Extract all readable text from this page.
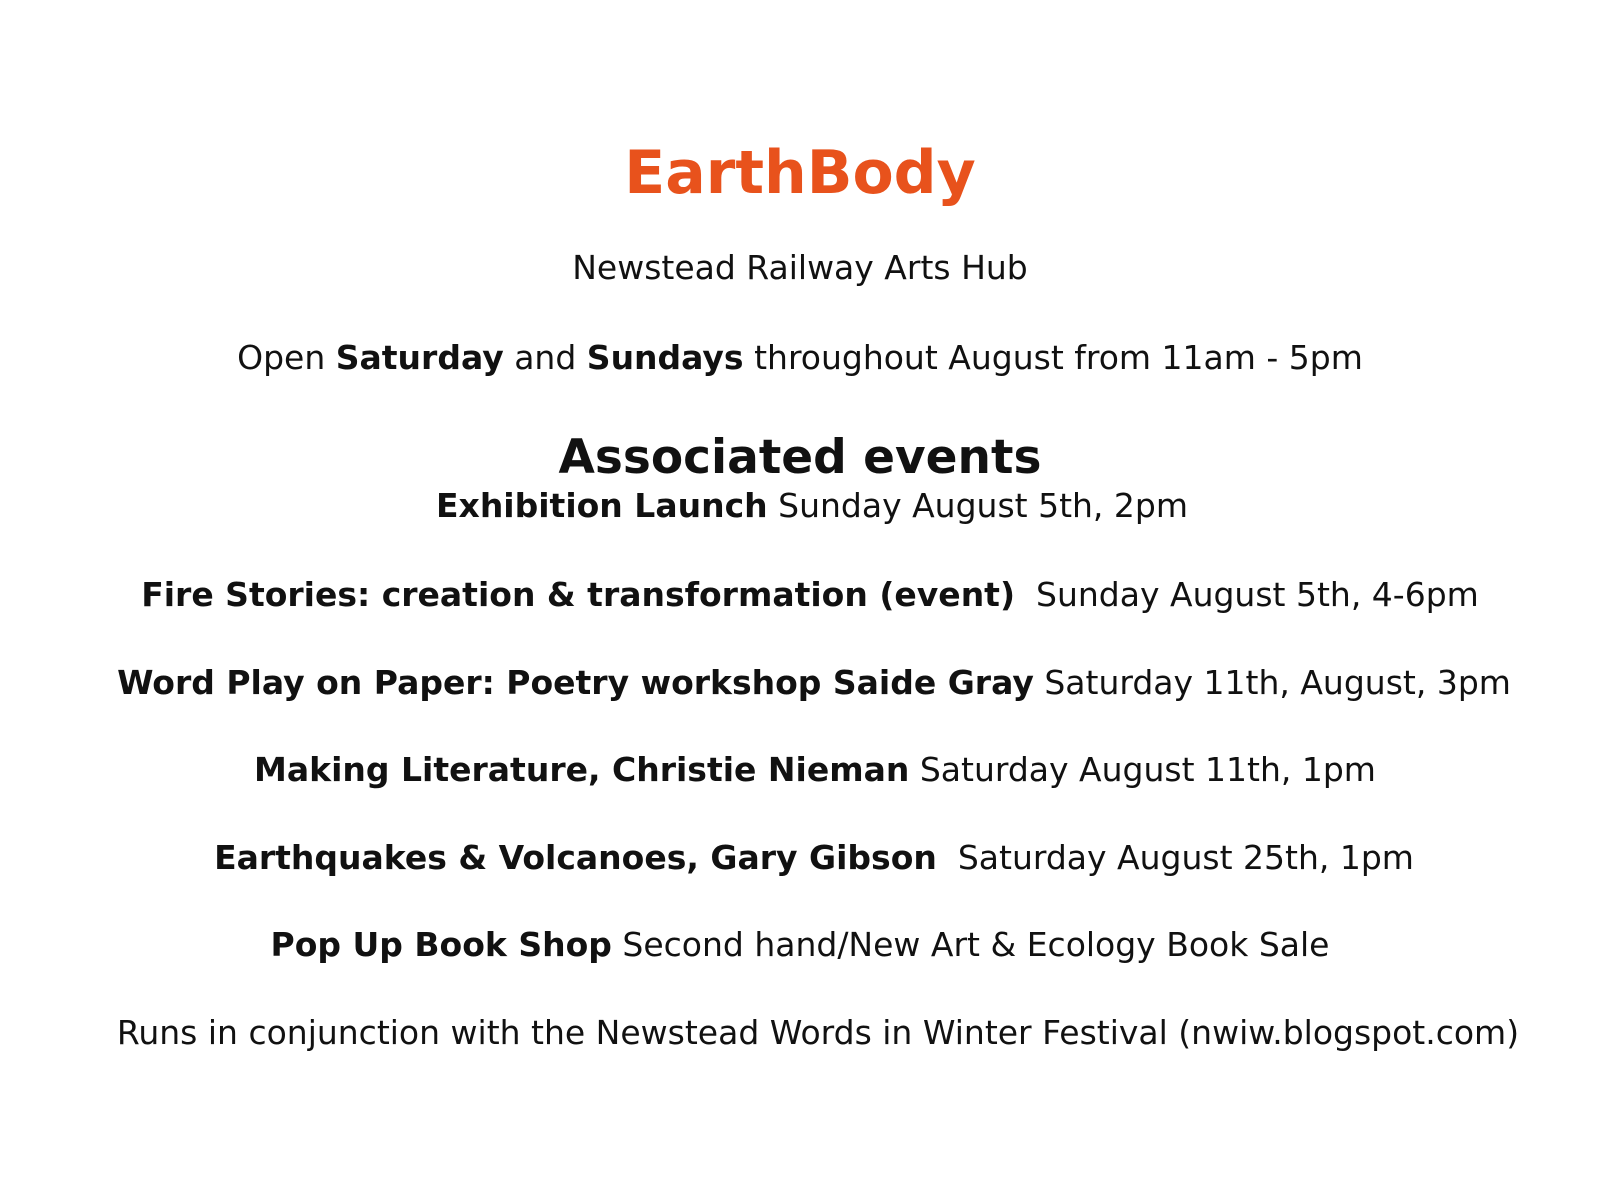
EarthBody
Newstead Railway Arts Hub
Open Saturday and Sundays throughout August from 11am - 5pm
Associated events
Exhibition Launch Sunday August 5th, 2pm
Fire Stories: creation & transformation (event)  Sunday August 5th, 4-6pm
Word Play on Paper: Poetry workshop Saide Gray Saturday 11th, August, 3pm
Making Literature, Christie Nieman Saturday August 11th, 1pm
Earthquakes & Volcanoes, Gary Gibson  Saturday August 25th, 1pm
Pop Up Book Shop Second hand/New Art & Ecology Book Sale
Runs in conjunction with the Newstead Words in Winter Festival (nwiw.blogspot.com)
